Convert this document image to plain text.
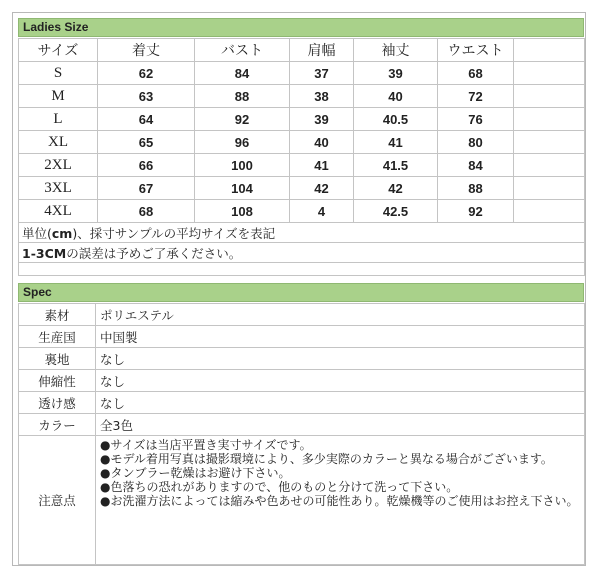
Ladies Size
サイズ	着丈	バスト	肩幅	袖丈	ウエスト	
S	62	84	37	39	68	
M	63	88	38	40	72	
L	64	92	39	40.5	76	
XL	65	96	40	41	80	
2XL	66	100	41	41.5	84	
3XL	67	104	42	42	88	
4XL	68	108	4	42.5	92	
単位(cm)、採寸サンプルの平均サイズを表記						
1-3CMの誤差は予めご了承ください。						

Spec
素材	ポリエステル
生産国	中国製
裏地	なし
伸縮性	なし
透け感	なし
カラー	全3色
注意点	●サイズは当店平置き実寸サイズです。
●モデル着用写真は撮影環境により、多少実際のカラーと異なる場合がございます。
●タンブラー乾燥はお避け下さい。
●色落ちの恐れがありますので、他のものと分けて洗って下さい。
●お洗濯方法によっては縮みや色あせの可能性あり。乾燥機等のご使用はお控え下さい。
